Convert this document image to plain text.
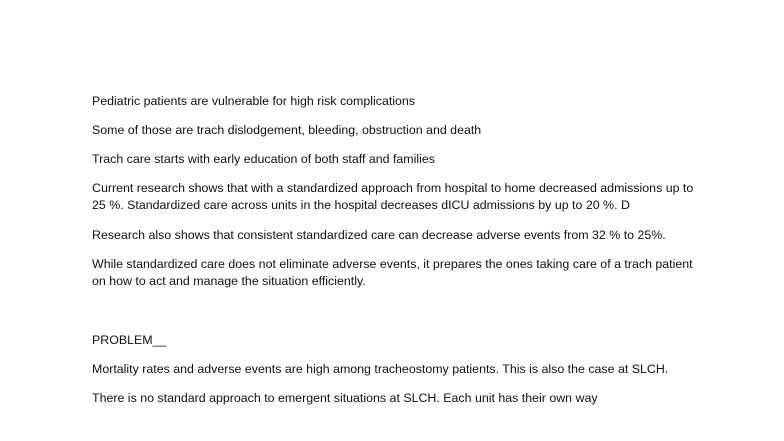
Pediatric patients are vulnerable for high risk complications

Some of those are trach dislodgement, bleeding, obstruction and death

Trach care starts with early education of both staff and families

Current research shows that with a standardized approach from hospital to home decreased admissions up to 25 %. Standardized care across units in the hospital decreases dICU admissions by up to 20 %. D

Research also shows that consistent standardized care can decrease adverse events from 32 % to 25%.

While standardized care does not eliminate adverse events, it prepares the ones taking care of a trach patient on how to act and manage the situation efficiently.

PROBLEM__

Mortality rates and adverse events are high among tracheostomy patients. This is also the case at SLCH.

There is no standard approach to emergent situations at SLCH. Each unit has their own way
